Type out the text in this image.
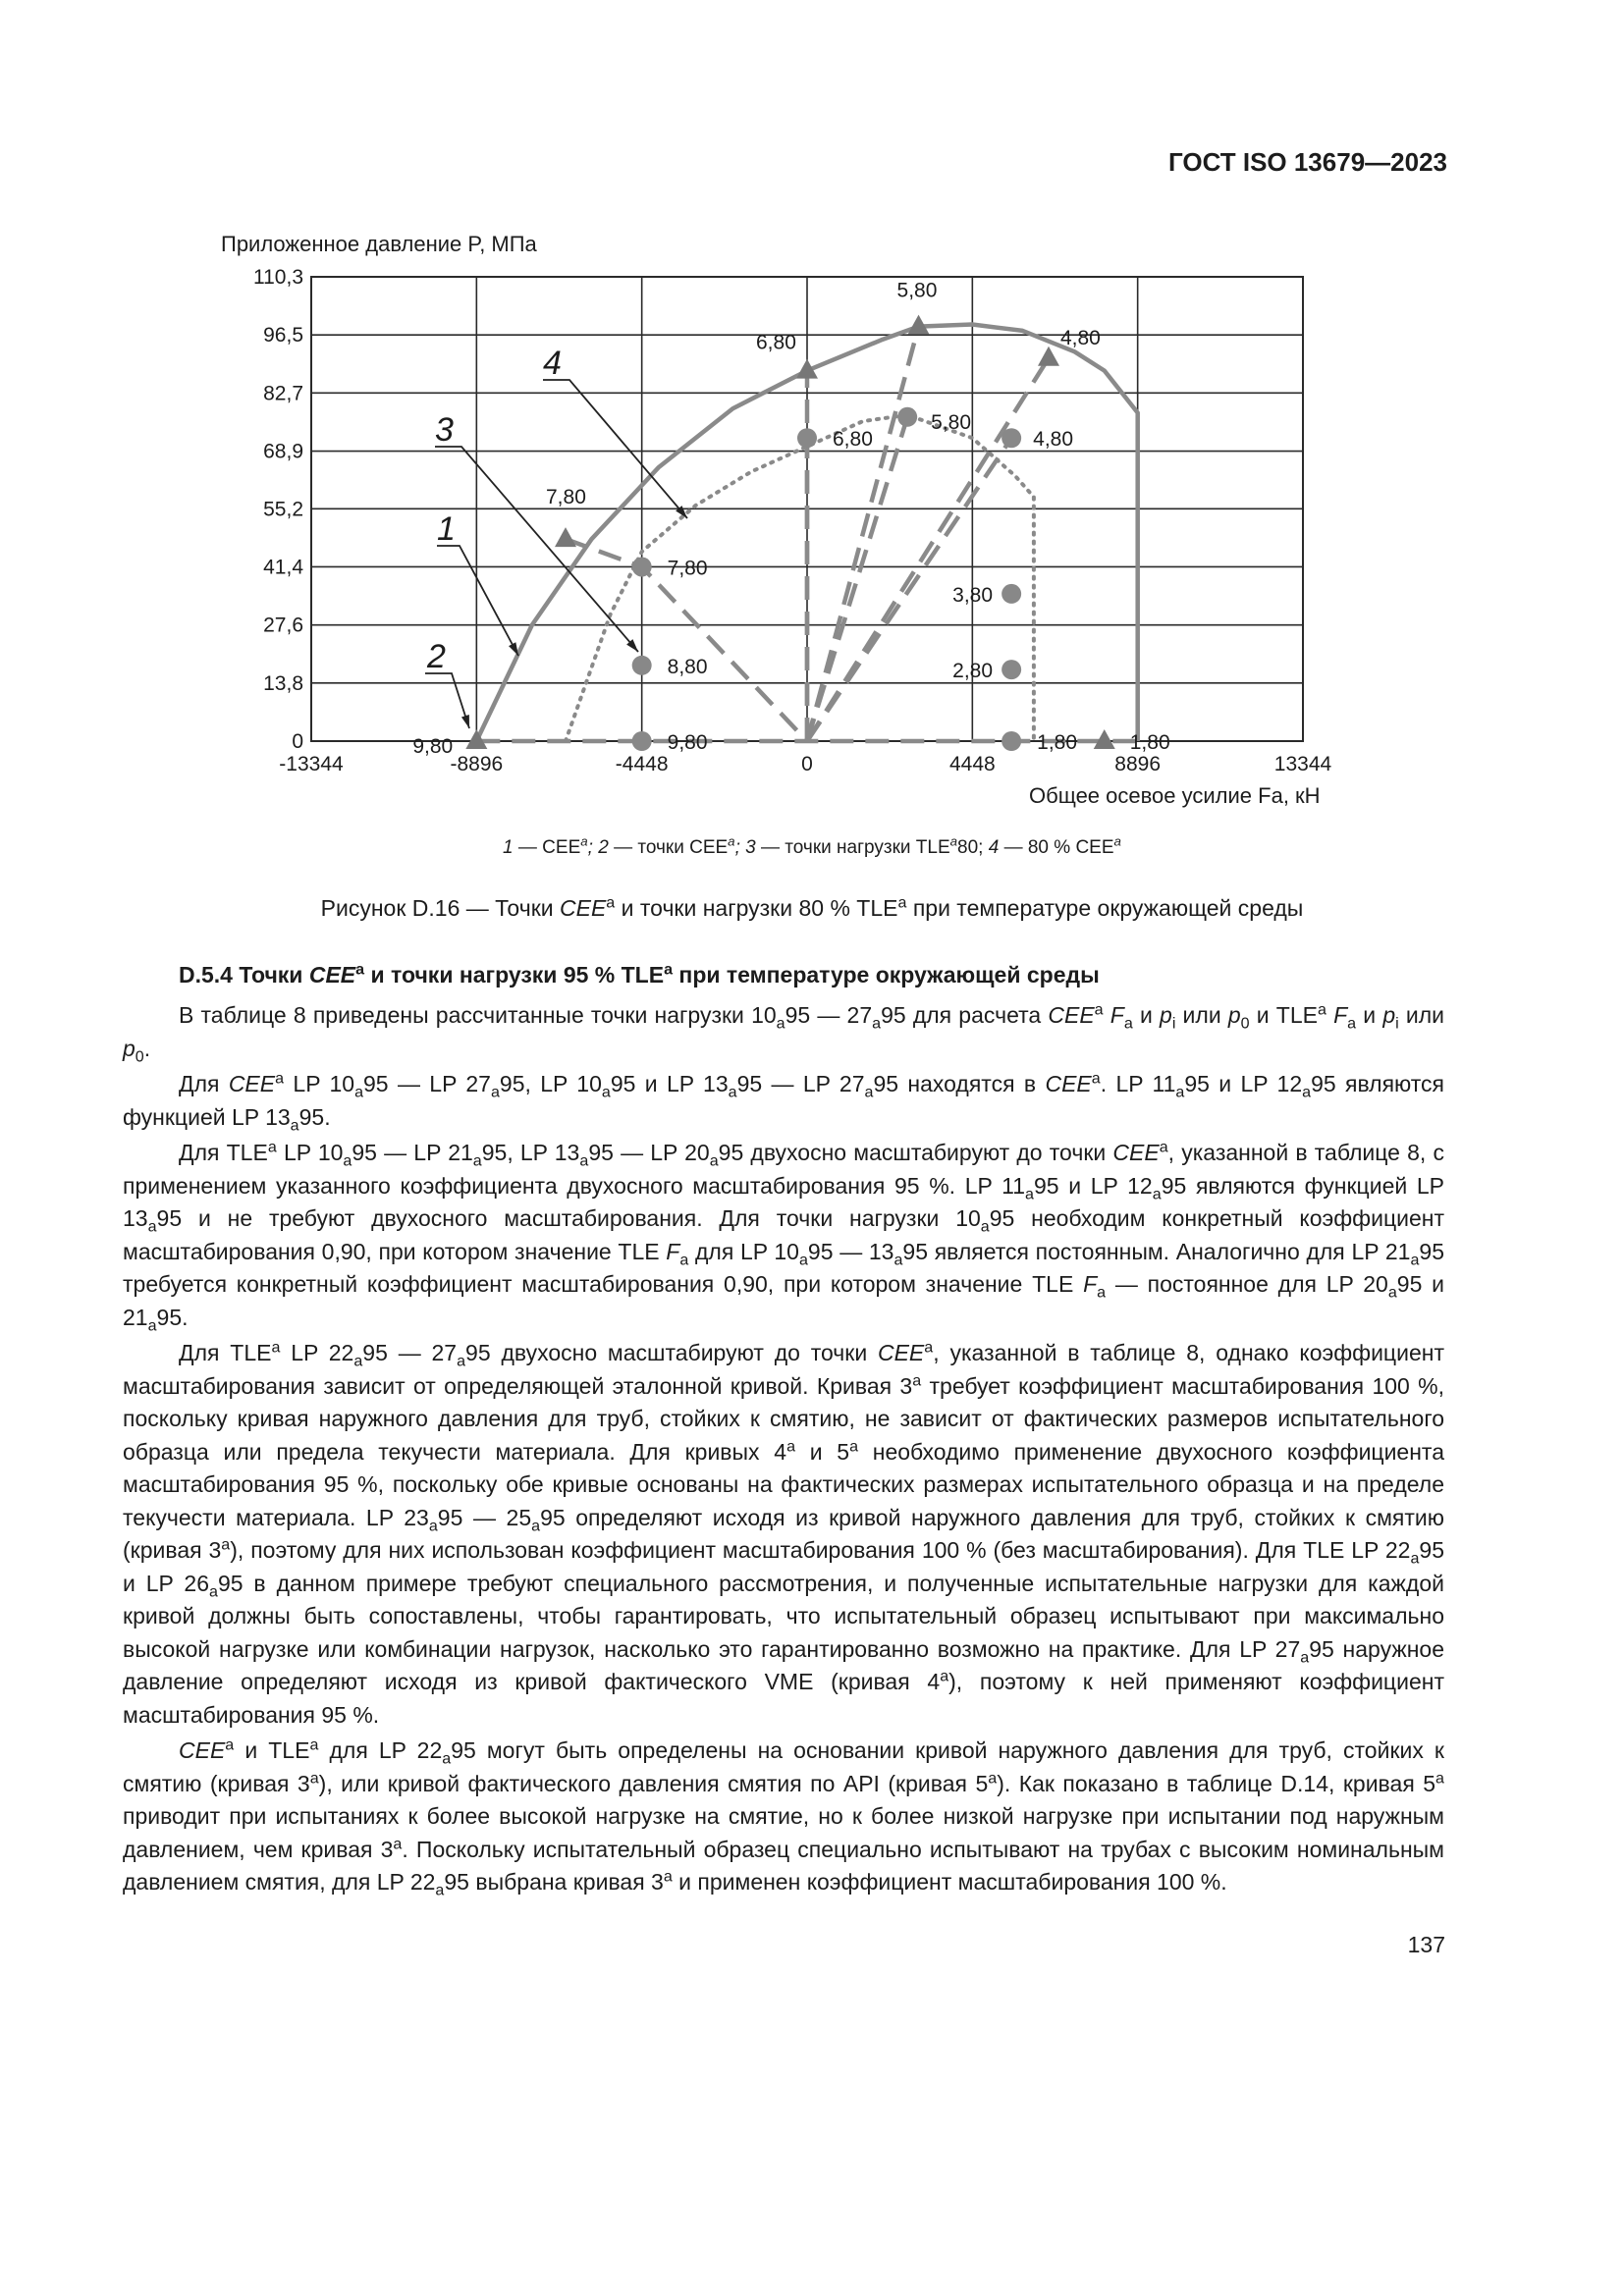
ГОСТ ISO 13679—2023
9,80
7,80
6,80
5,80
4,80
1,80
9,80
7,80
8,80
6,80
5,80
4,80
3,80
2,80
1,80
-13344	-8896	-4448	0	4448	8896	13344
0
13,8
27,6
41,4
55,2
68,9
82,7
96,5
110,3
Приложенное давление P, МПа
Общее осевое усилие Fa, кН
1
2
3
4
1 — $CEE^а$; 2 — точки $CEE^а$; 3 — точки нагрузки $TLE^а80$; 4 — 80 % $CEE^а$
Рисунок D.16 — Точки $CEE^а$ и точки нагрузки 80 % $TLE^а$ при температуре окружающей среды
D.5.4 Точки $CEE^а$ и точки нагрузки 95 % $TLE^а$ при температуре окружающей среды

В таблице 8 приведены рассчитанные точки нагрузки $10_a95$ — $27_a95$ для расчета CEE$^a$ $F_a$ и $p_i$ или $p_0$ и TLE$^a$ $F_a$ и $p_i$ или $p_0$.

Для CEE$^a$ LP $10_a95$ — LP $27_a95$, LP $10_a95$ и LP $13_a95$ — LP $27_a95$ находятся в CEE$^a$. LP $11_a95$ и LP $12_a95$ являются функцией LP $13_a95$.

Для TLE$^a$ LP $10_a95$ — LP $21_a95$, LP $13_a95$ — LP $20_a95$ двухосно масштабируют до точки CEE$^a$, указанной в таблице 8, с применением указанного коэффициента двухосного масштабирования 95 %. LP $11_a95$ и LP $12_a95$ являются функцией LP $13_a95$ и не требуют двухосного масштабирования. Для точки нагрузки $10_a95$ необходим конкретный коэффициент масштабирования 0,90, при котором значение TLE $F_a$ для LP $10_a95$ — $13_a95$ является постоянным. Аналогично для LP $21_a95$ требуется конкретный коэффициент масштабирования 0,90, при котором значение TLE $F_a$ — постоянное для LP $20_a95$ и $21_a95$.

Для TLE$^a$ LP $22_a95$ — $27_a95$ двухосно масштабируют до точки CEE$^a$, указанной в таблице 8, однако коэффициент масштабирования зависит от определяющей эталонной кривой. Кривая 3$^a$ требует коэффициент масштабирования 100 %, поскольку кривая наружного давления для труб, стойких к смятию, не зависит от фактических размеров испытательного образца или предела текучести материала. Для кривых 4$^a$ и 5$^a$ необходимо применение двухосного коэффициента масштабирования 95 %, поскольку обе кривые основаны на фактических размерах испытательного образца и на пределе текучести материала. LP $23_a95$ — $25_a95$ определяют исходя из кривой наружного давления для труб, стойких к смятию (кривая 3$^a$), поэтому для них использован коэффициент масштабирования 100 % (без масштабирования). Для TLE LP $22_a95$ и LP $26_a95$ в данном примере требуют специального рассмотрения, и полученные испытательные нагрузки для каждой кривой должны быть сопоставлены, чтобы гарантировать, что испытательный образец испытывают при максимально высокой нагрузке или комбинации нагрузок, насколько это гарантированно возможно на практике. Для LP $27_a95$ наружное давление определяют исходя из кривой фактического VME (кривая 4$^a$), поэтому к ней применяют коэффициент масштабирования 95 %.

CEE$^a$ и TLE$^a$ для LP $22_a95$ могут быть определены на основании кривой наружного давления для труб, стойких к смятию (кривая 3$^a$), или кривой фактического давления смятия по API (кривая 5$^a$). Как показано в таблице D.14, кривая 5$^a$ приводит при испытаниях к более высокой нагрузке на смятие, но к более низкой нагрузке при испытании под наружным давлением, чем кривая 3$^a$. Поскольку испытательный образец специально испытывают на трубах с высоким номинальным давлением смятия, для LP $22_a95$ выбрана кривая 3$^a$ и применен коэффициент масштабирования 100 %.

137
